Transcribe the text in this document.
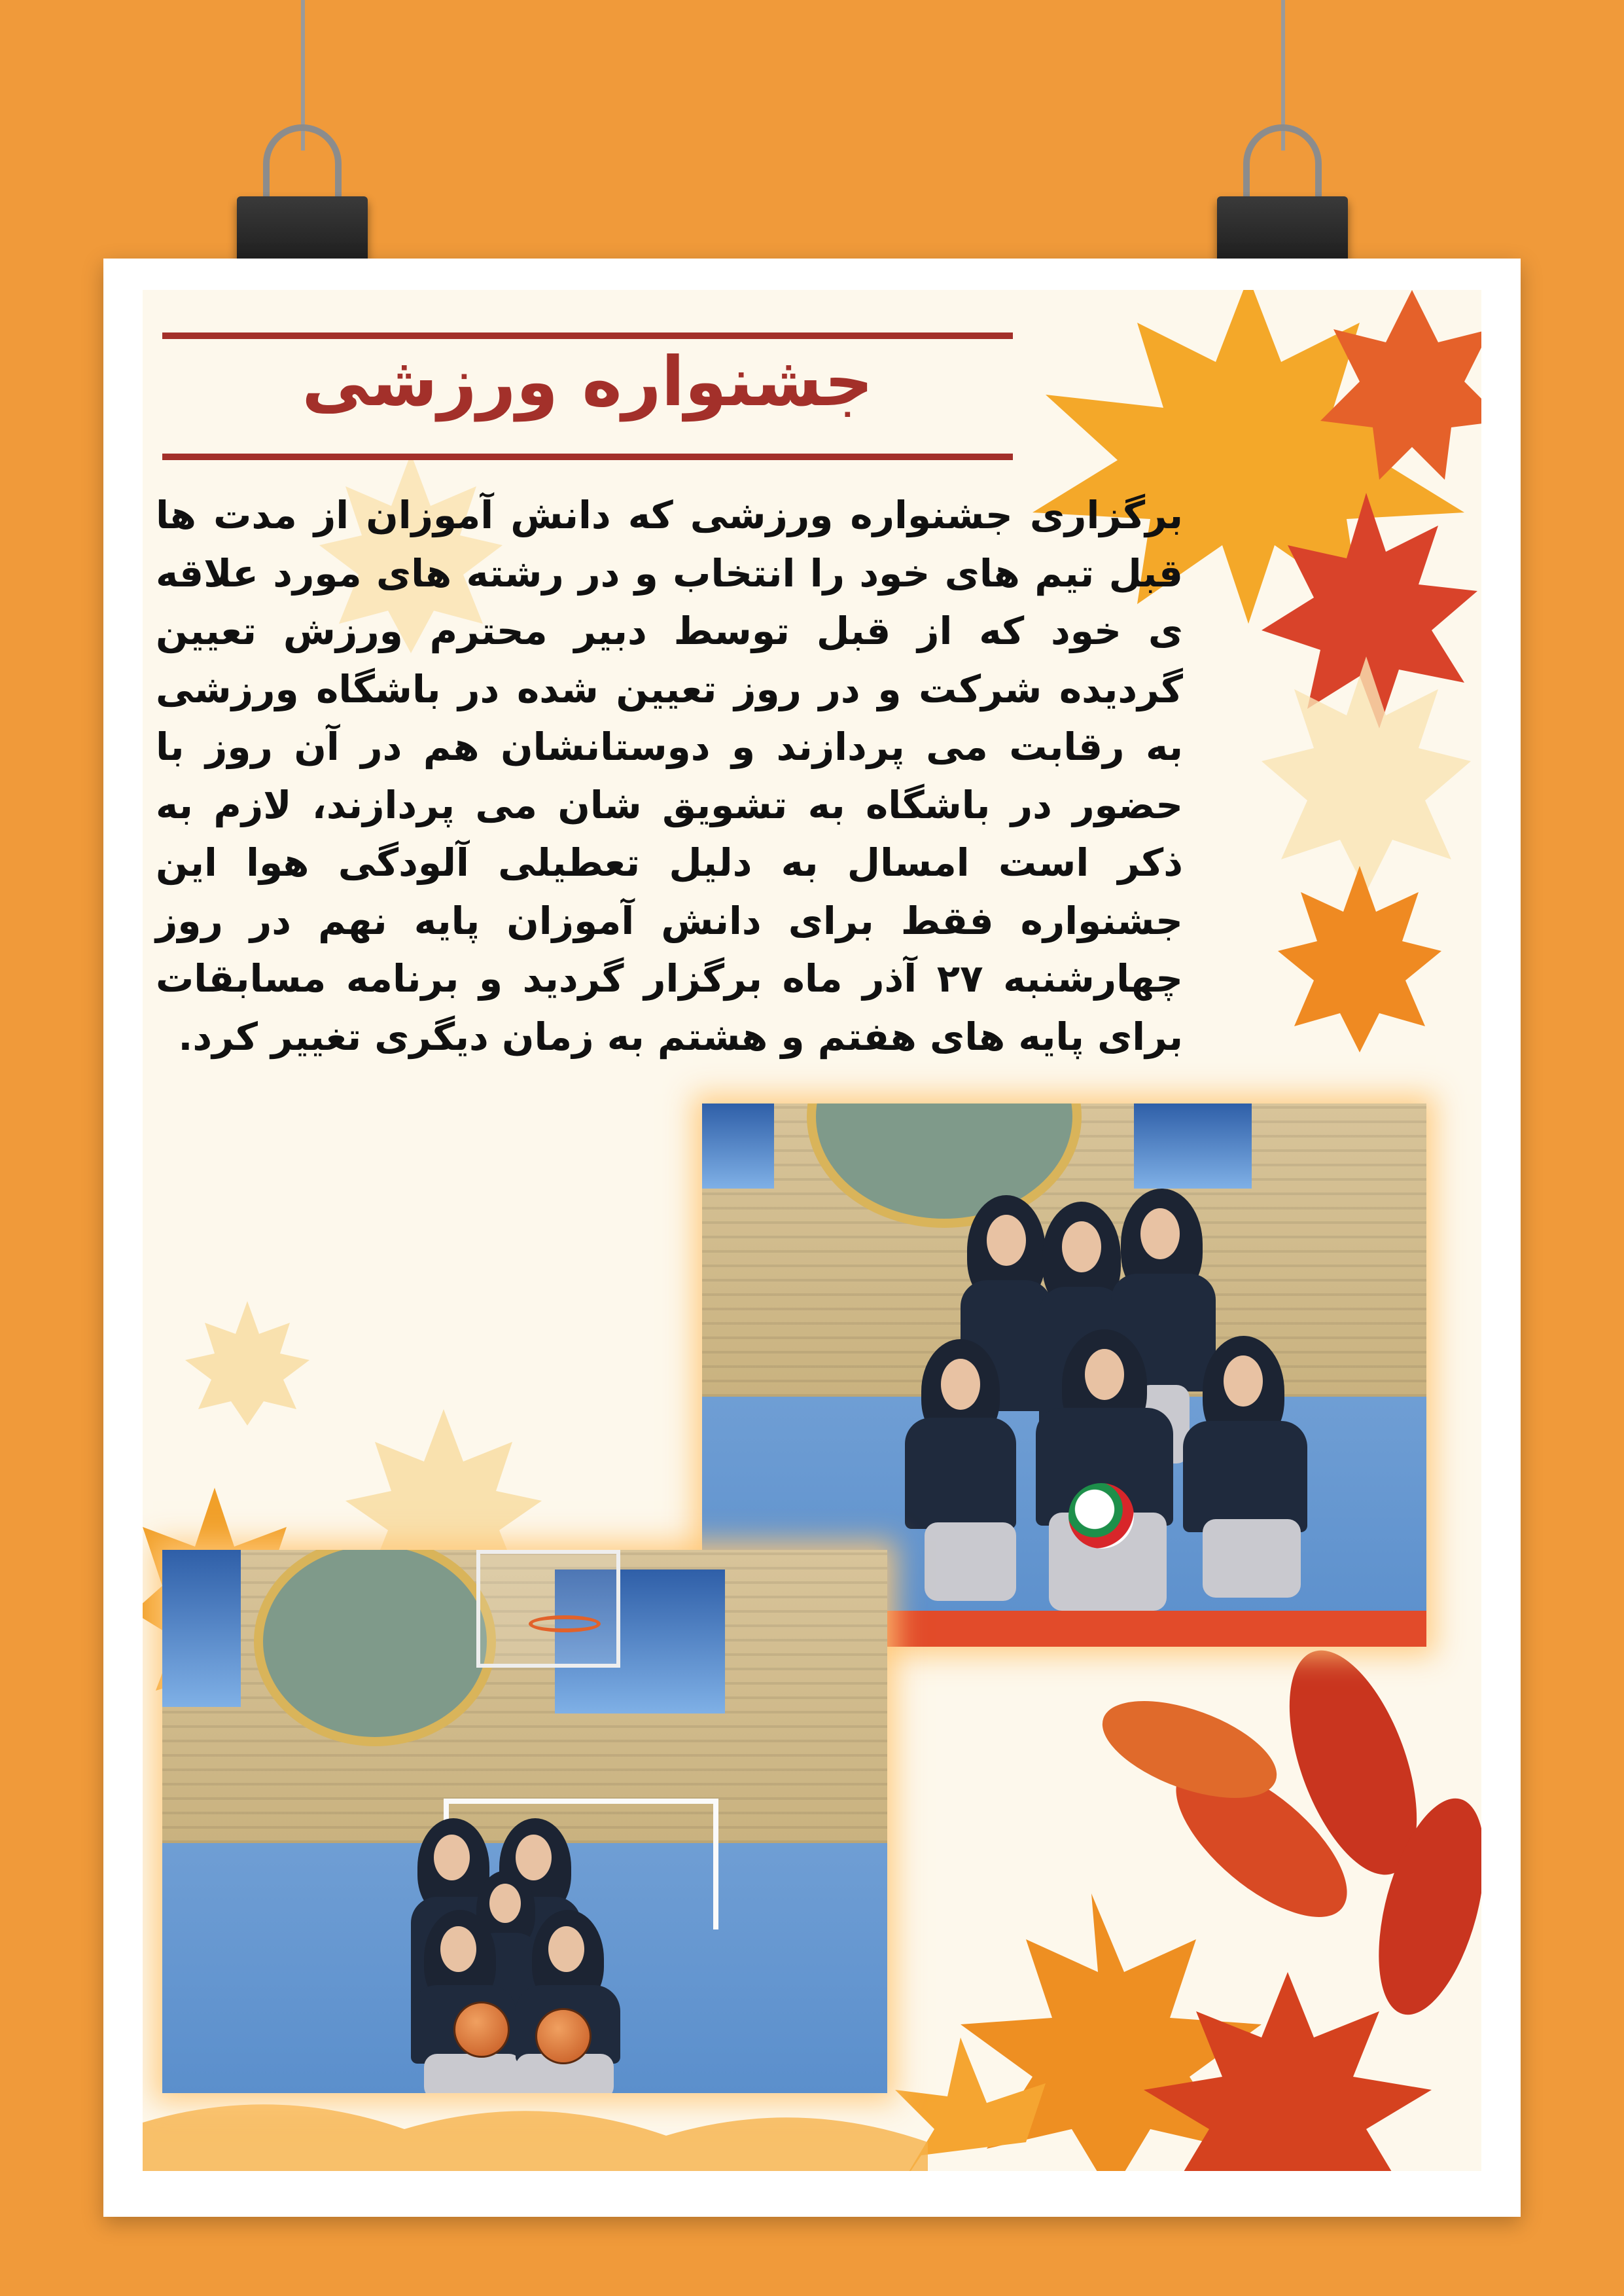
جشنواره ورزشی

برگزاری جشنواره ورزشی که دانش آموزان از مدت ها قبل تیم های خود را انتخاب و در رشته های مورد علاقه ی خود که از قبل توسط دبیر محترم ورزش تعیین گردیده شرکت و در روز تعیین شده در باشگاه ورزشی به رقابت می پردازند و دوستانشان هم در آن روز با حضور در باشگاه به تشویق شان می پردازند، لازم به ذکر است امسال به دلیل تعطیلی آلودگی هوا این جشنواره فقط برای دانش آموزان پایه نهم در روز چهارشنبه ۲۷ آذر ماه برگزار گردید و برنامه مسابقات برای پایه های هفتم و هشتم به زمان دیگری تغییر کرد.
